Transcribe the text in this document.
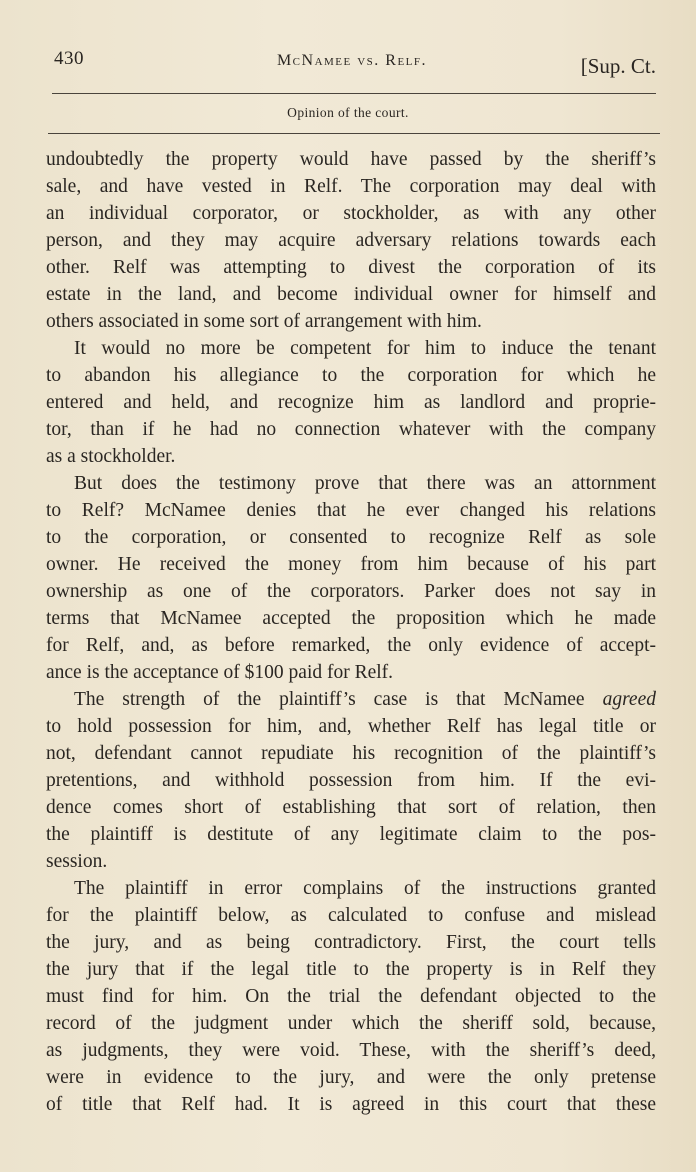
430	McNamee vs. Relf.	[Sup. Ct.
Opinion of the court.
undoubtedly the property would have passed by the sheriff’s
sale, and have vested in Relf. The corporation may deal with
an individual corporator, or stockholder, as with any other
person, and they may acquire adversary relations towards each
other. Relf was attempting to divest the corporation of its
estate in the land, and become individual owner for himself and
others associated in some sort of arrangement with him.
It would no more be competent for him to induce the tenant
to abandon his allegiance to the corporation for which he
entered and held, and recognize him as landlord and proprie-
tor, than if he had no connection whatever with the company
as a stockholder.
But does the testimony prove that there was an attornment
to Relf? McNamee denies that he ever changed his relations
to the corporation, or consented to recognize Relf as sole
owner. He received the money from him because of his part
ownership as one of the corporators. Parker does not say in
terms that McNamee accepted the proposition which he made
for Relf, and, as before remarked, the only evidence of accept-
ance is the acceptance of $100 paid for Relf.
The strength of the plaintiff’s case is that McNamee agreed
to hold possession for him, and, whether Relf has legal title or
not, defendant cannot repudiate his recognition of the plaintiff’s
pretentions, and withhold possession from him. If the evi-
dence comes short of establishing that sort of relation, then
the plaintiff is destitute of any legitimate claim to the pos-
session.
The plaintiff in error complains of the instructions granted
for the plaintiff below, as calculated to confuse and mislead
the jury, and as being contradictory. First, the court tells
the jury that if the legal title to the property is in Relf they
must find for him. On the trial the defendant objected to the
record of the judgment under which the sheriff sold, because,
as judgments, they were void. These, with the sheriff’s deed,
were in evidence to the jury, and were the only pretense
of title that Relf had. It is agreed in this court that these
